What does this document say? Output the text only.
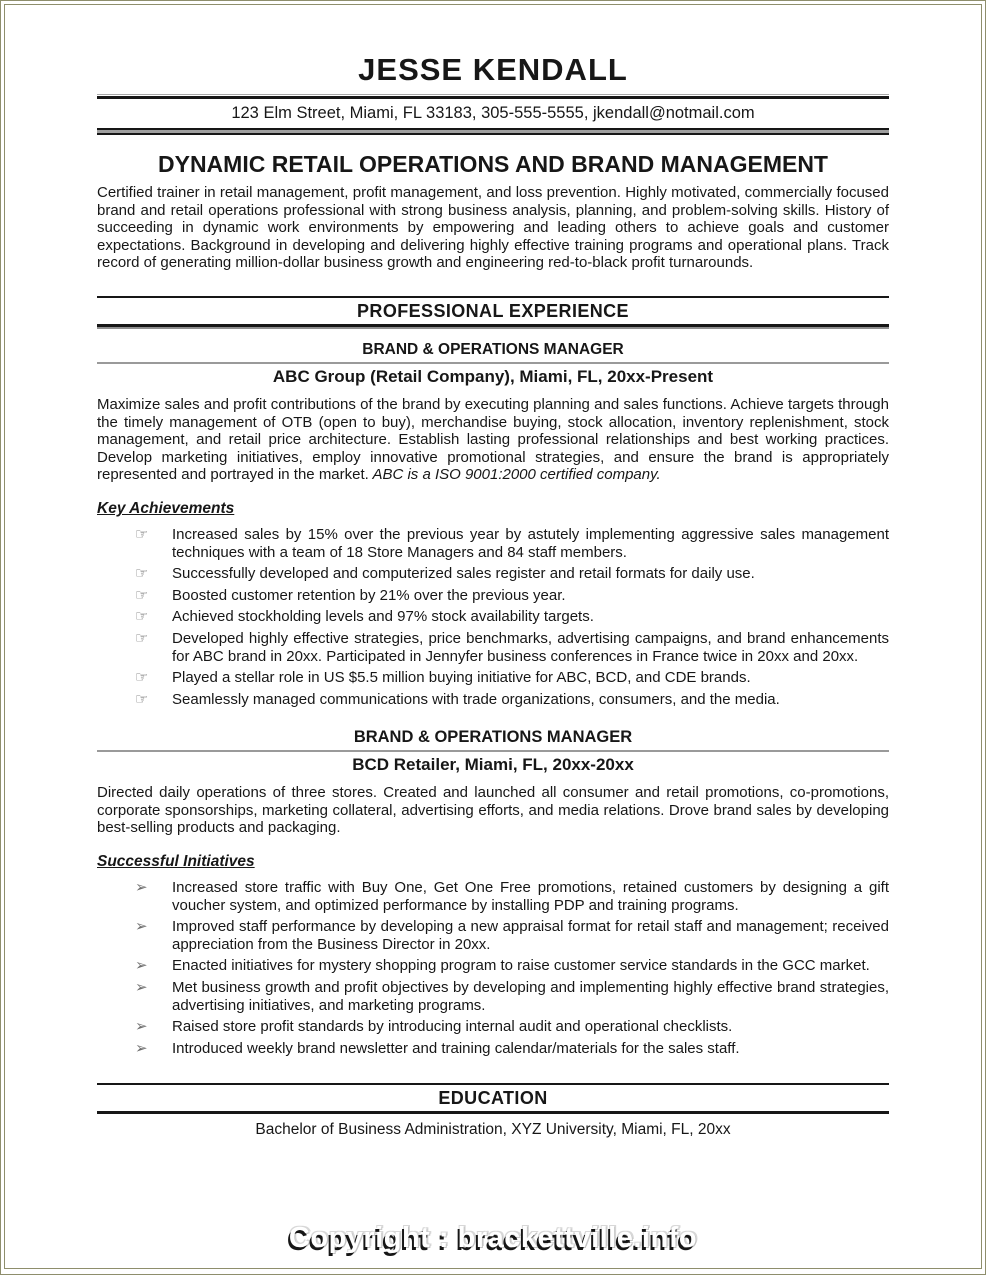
JESSE KENDALL
123 Elm Street, Miami, FL 33183, 305-555-5555, jkendall@notmail.com
DYNAMIC RETAIL OPERATIONS AND BRAND MANAGEMENT

Certified trainer in retail management, profit management, and loss prevention. Highly motivated, commercially focused brand and retail operations professional with strong business analysis, planning, and problem-solving skills. History of succeeding in dynamic work environments by empowering and leading others to achieve goals and customer expectations. Background in developing and delivering highly effective training programs and operational plans. Track record of generating million-dollar business growth and engineering red-to-black profit turnarounds.

PROFESSIONAL EXPERIENCE
BRAND & OPERATIONS MANAGER
ABC Group (Retail Company), Miami, FL, 20xx-Present

Maximize sales and profit contributions of the brand by executing planning and sales functions. Achieve targets through the timely management of OTB (open to buy), merchandise buying, stock allocation, inventory replenishment, stock management, and retail price architecture. Establish lasting professional relationships and best working practices. Develop marketing initiatives, employ innovative promotional strategies, and ensure the brand is appropriately represented and portrayed in the market. ABC is a ISO 9001:2000 certified company.

Key Achievements
☞	Increased sales by 15% over the previous year by astutely implementing aggressive sales management techniques with a team of 18 Store Managers and 84 staff members.
☞	Successfully developed and computerized sales register and retail formats for daily use.
☞	Boosted customer retention by 21% over the previous year.
☞	Achieved stockholding levels and 97% stock availability targets.
☞	Developed highly effective strategies, price benchmarks, advertising campaigns, and brand enhancements for ABC brand in 20xx. Participated in Jennyfer business conferences in France twice in 20xx and 20xx.
☞	Played a stellar role in US $5.5 million buying initiative for ABC, BCD, and CDE brands.
☞	Seamlessly managed communications with trade organizations, consumers, and the media.
BRAND & OPERATIONS MANAGER
BCD Retailer, Miami, FL, 20xx-20xx

Directed daily operations of three stores. Created and launched all consumer and retail promotions, co-promotions, corporate sponsorships, marketing collateral, advertising efforts, and media relations. Drove brand sales by developing best-selling products and packaging.

Successful Initiatives
➢	Increased store traffic with Buy One, Get One Free promotions, retained customers by designing a gift voucher system, and optimized performance by installing PDP and training programs.
➢	Improved staff performance by developing a new appraisal format for retail staff and management; received appreciation from the Business Director in 20xx.
➢	Enacted initiatives for mystery shopping program to raise customer service standards in the GCC market.
➢	Met business growth and profit objectives by developing and implementing highly effective brand strategies, advertising initiatives, and marketing programs.
➢	Raised store profit standards by introducing internal audit and operational checklists.
➢	Introduced weekly brand newsletter and training calendar/materials for the sales staff.
EDUCATION
Bachelor of Business Administration, XYZ University, Miami, FL, 20xx
Copyright : brackettville.info
